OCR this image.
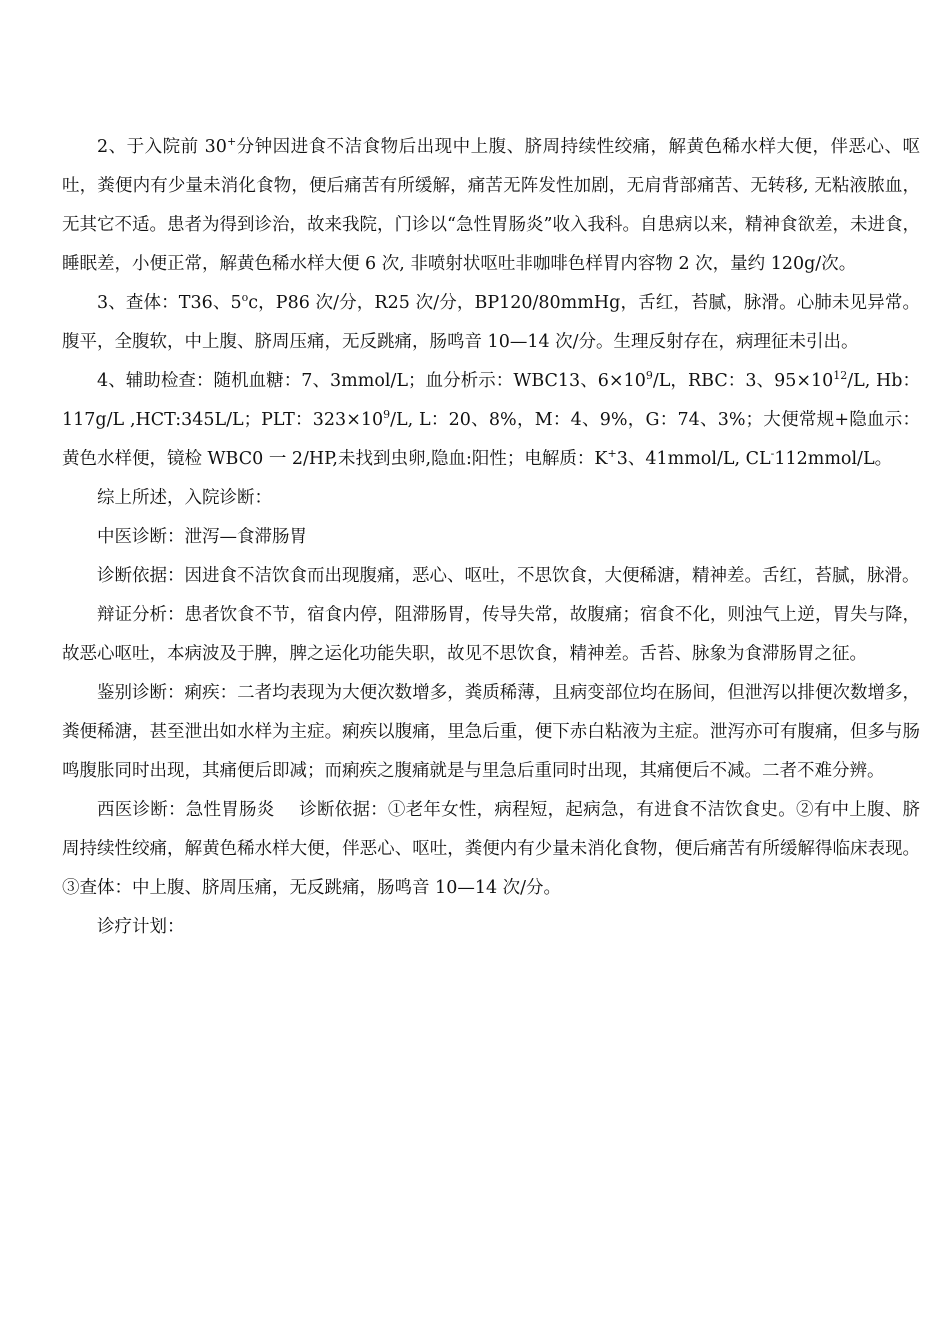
2、于入院前 30+分钟因进食不洁食物后出现中上腹、脐周持续性绞痛，解黄色稀水样大便，伴恶心、呕吐，粪便内有少量未消化食物，便后痛苦有所缓解，痛苦无阵发性加剧，无肩背部痛苦、无转移, 无粘液脓血，无其它不适。患者为得到诊治，故来我院，门诊以“急性胃肠炎”收入我科。自患病以来，精神食欲差，未进食，睡眠差，小便正常，解黄色稀水样大便 6 次, 非喷射状呕吐非咖啡色样胃内容物 2 次，量约 120g/次。

3、查体：T36、5$^o$c，P86 次/分，R25 次/分，BP120/80mmHg，舌红，苔腻，脉滑。心肺未见异常。腹平，全腹软，中上腹、脐周压痛，无反跳痛，肠鸣音 10—14 次/分。生理反射存在，病理征未引出。

4、辅助检查：随机血糖：7、3mmol/L；血分析示：WBC13、$6\times 10^9/L$，RBC：3、$95\times 10^{12}/L$, Hb：117g/L ,HCT:345L/L；PLT：$323\times 10^9/L$, L：20、8%，M：4、9%，G：74、3%；大便常规+隐血示：黄色水样便，镜检 WBC0 一 2/HP,未找到虫卵,隐血:阳性；电解质：K+3、41mmol/L, CL-112mmol/L。

综上所述，入院诊断：

中医诊断：泄泻—食滞肠胃

诊断依据：因进食不洁饮食而出现腹痛，恶心、呕吐，不思饮食，大便稀溏，精神差。舌红，苔腻，脉滑。

辩证分析：患者饮食不节，宿食内停，阻滞肠胃，传导失常，故腹痛；宿食不化，则浊气上逆，胃失与降，故恶心呕吐，本病波及于脾，脾之运化功能失职，故见不思饮食，精神差。舌苔、脉象为食滞肠胃之征。

鉴别诊断：痢疾：二者均表现为大便次数增多，粪质稀薄，且病变部位均在肠间，但泄泻以排便次数增多，粪便稀溏，甚至泄出如水样为主症。痢疾以腹痛，里急后重，便下赤白粘液为主症。泄泻亦可有腹痛，但多与肠鸣腹胀同时出现，其痛便后即减；而痢疾之腹痛就是与里急后重同时出现，其痛便后不减。二者不难分辨。

西医诊断：急性胃肠炎 诊断依据：①老年女性，病程短，起病急，有进食不洁饮食史。②有中上腹、脐周持续性绞痛，解黄色稀水样大便，伴恶心、呕吐，粪便内有少量未消化食物，便后痛苦有所缓解得临床表现。③查体：中上腹、脐周压痛，无反跳痛，肠鸣音 10—14 次/分。

诊疗计划：
